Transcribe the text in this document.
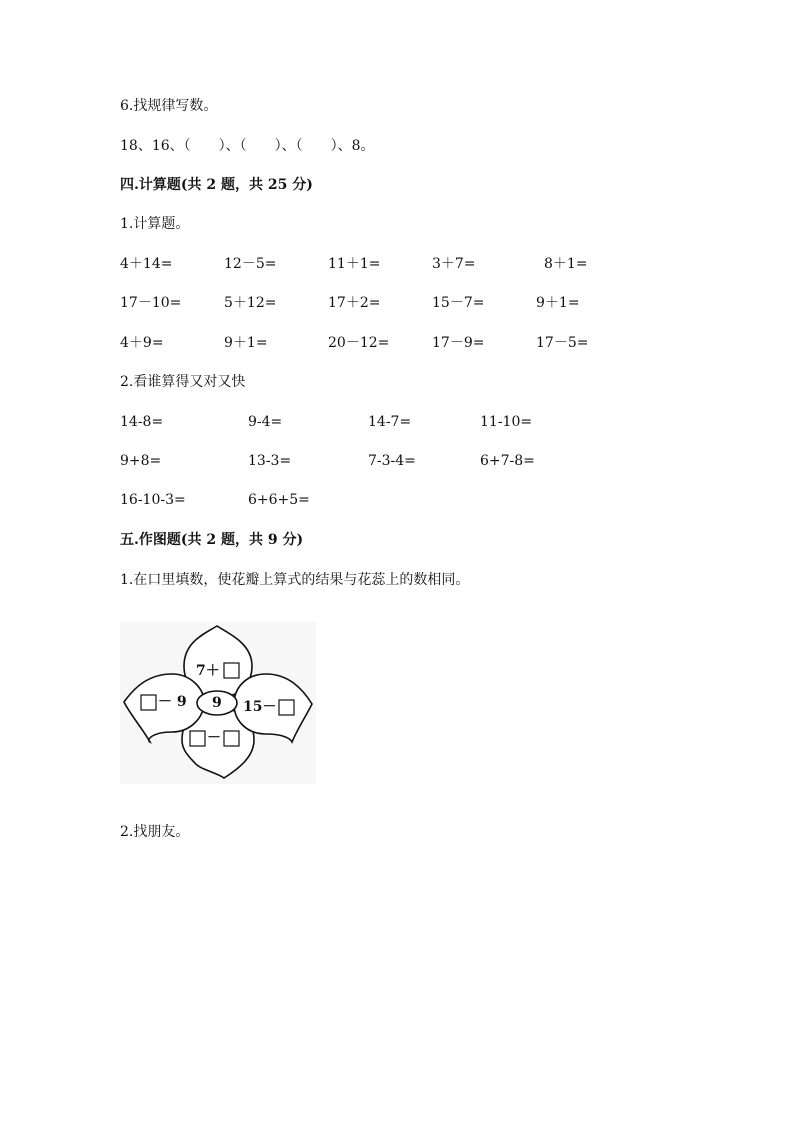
6.找规律写数。
18、16、（　　）、（　　）、（　　）、8。
四.计算题(共 2 题，共 25 分)
1.计算题。
4＋14=	12－5=	11＋1=	3＋7=	8＋1=
17－10=	5＋12=	17＋2=	15－7=	9＋1=
4＋9=	9＋1=	20－12=	17－9=	17－5=
2.看谁算得又对又快
14-8=	9-4=	14-7=	11-10=
9+8=	13-3=	7-3-4=	6+7-8=
16-10-3=	6+6+5=
五.作图题(共 2 题，共 9 分)
1.在口里填数，使花瓣上算式的结果与花蕊上的数相同。
9
7＋
－ 9	15－
－
2.找朋友。
